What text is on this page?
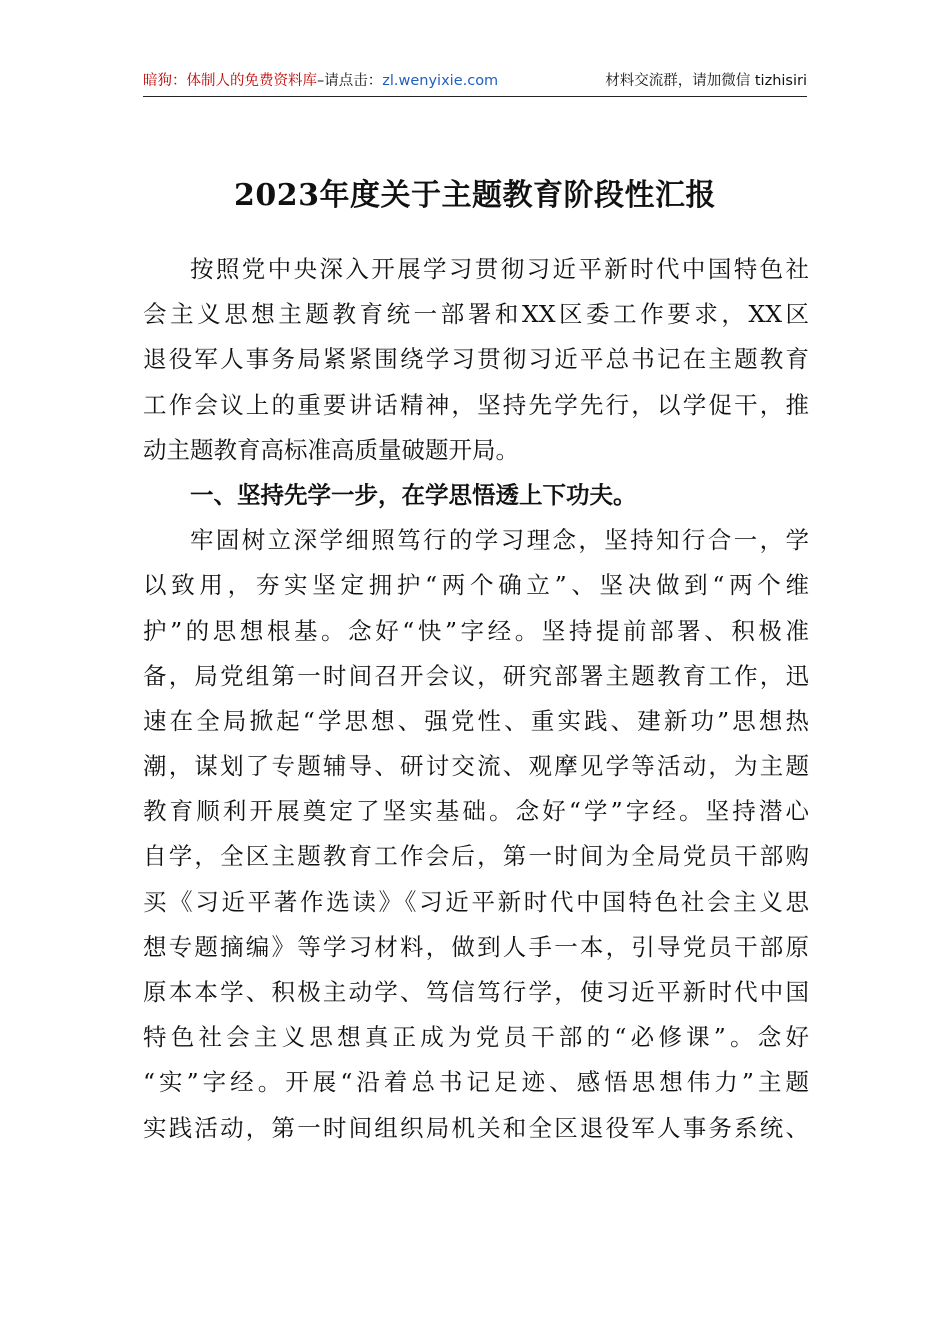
暗狗：体制人的免费资料库–请点击：zl.wenyixie.com	材料交流群，请加微信 tizhisiri
2023年度关于主题教育阶段性汇报
按照党中央深入开展学习贯彻习近平新时代中国特色社
会主义思想主题教育统一部署和XX区委工作要求，XX区
退役军人事务局紧紧围绕学习贯彻习近平总书记在主题教育
工作会议上的重要讲话精神，坚持先学先行，以学促干，推
动主题教育高标准高质量破题开局。
一、坚持先学一步，在学思悟透上下功夫。
牢固树立深学细照笃行的学习理念，坚持知行合一，学
以致用，夯实坚定拥护“两个确立”、坚决做到“两个维
护”的思想根基。念好“快”字经。坚持提前部署、积极准
备，局党组第一时间召开会议，研究部署主题教育工作，迅
速在全局掀起“学思想、强党性、重实践、建新功”思想热
潮，谋划了专题辅导、研讨交流、观摩见学等活动，为主题
教育顺利开展奠定了坚实基础。念好“学”字经。坚持潜心
自学，全区主题教育工作会后，第一时间为全局党员干部购
买《习近平著作选读》《习近平新时代中国特色社会主义思
想专题摘编》等学习材料，做到人手一本，引导党员干部原
原本本学、积极主动学、笃信笃行学，使习近平新时代中国
特色社会主义思想真正成为党员干部的“必修课”。念好
“实”字经。开展“沿着总书记足迹、感悟思想伟力”主题
实践活动，第一时间组织局机关和全区退役军人事务系统、
